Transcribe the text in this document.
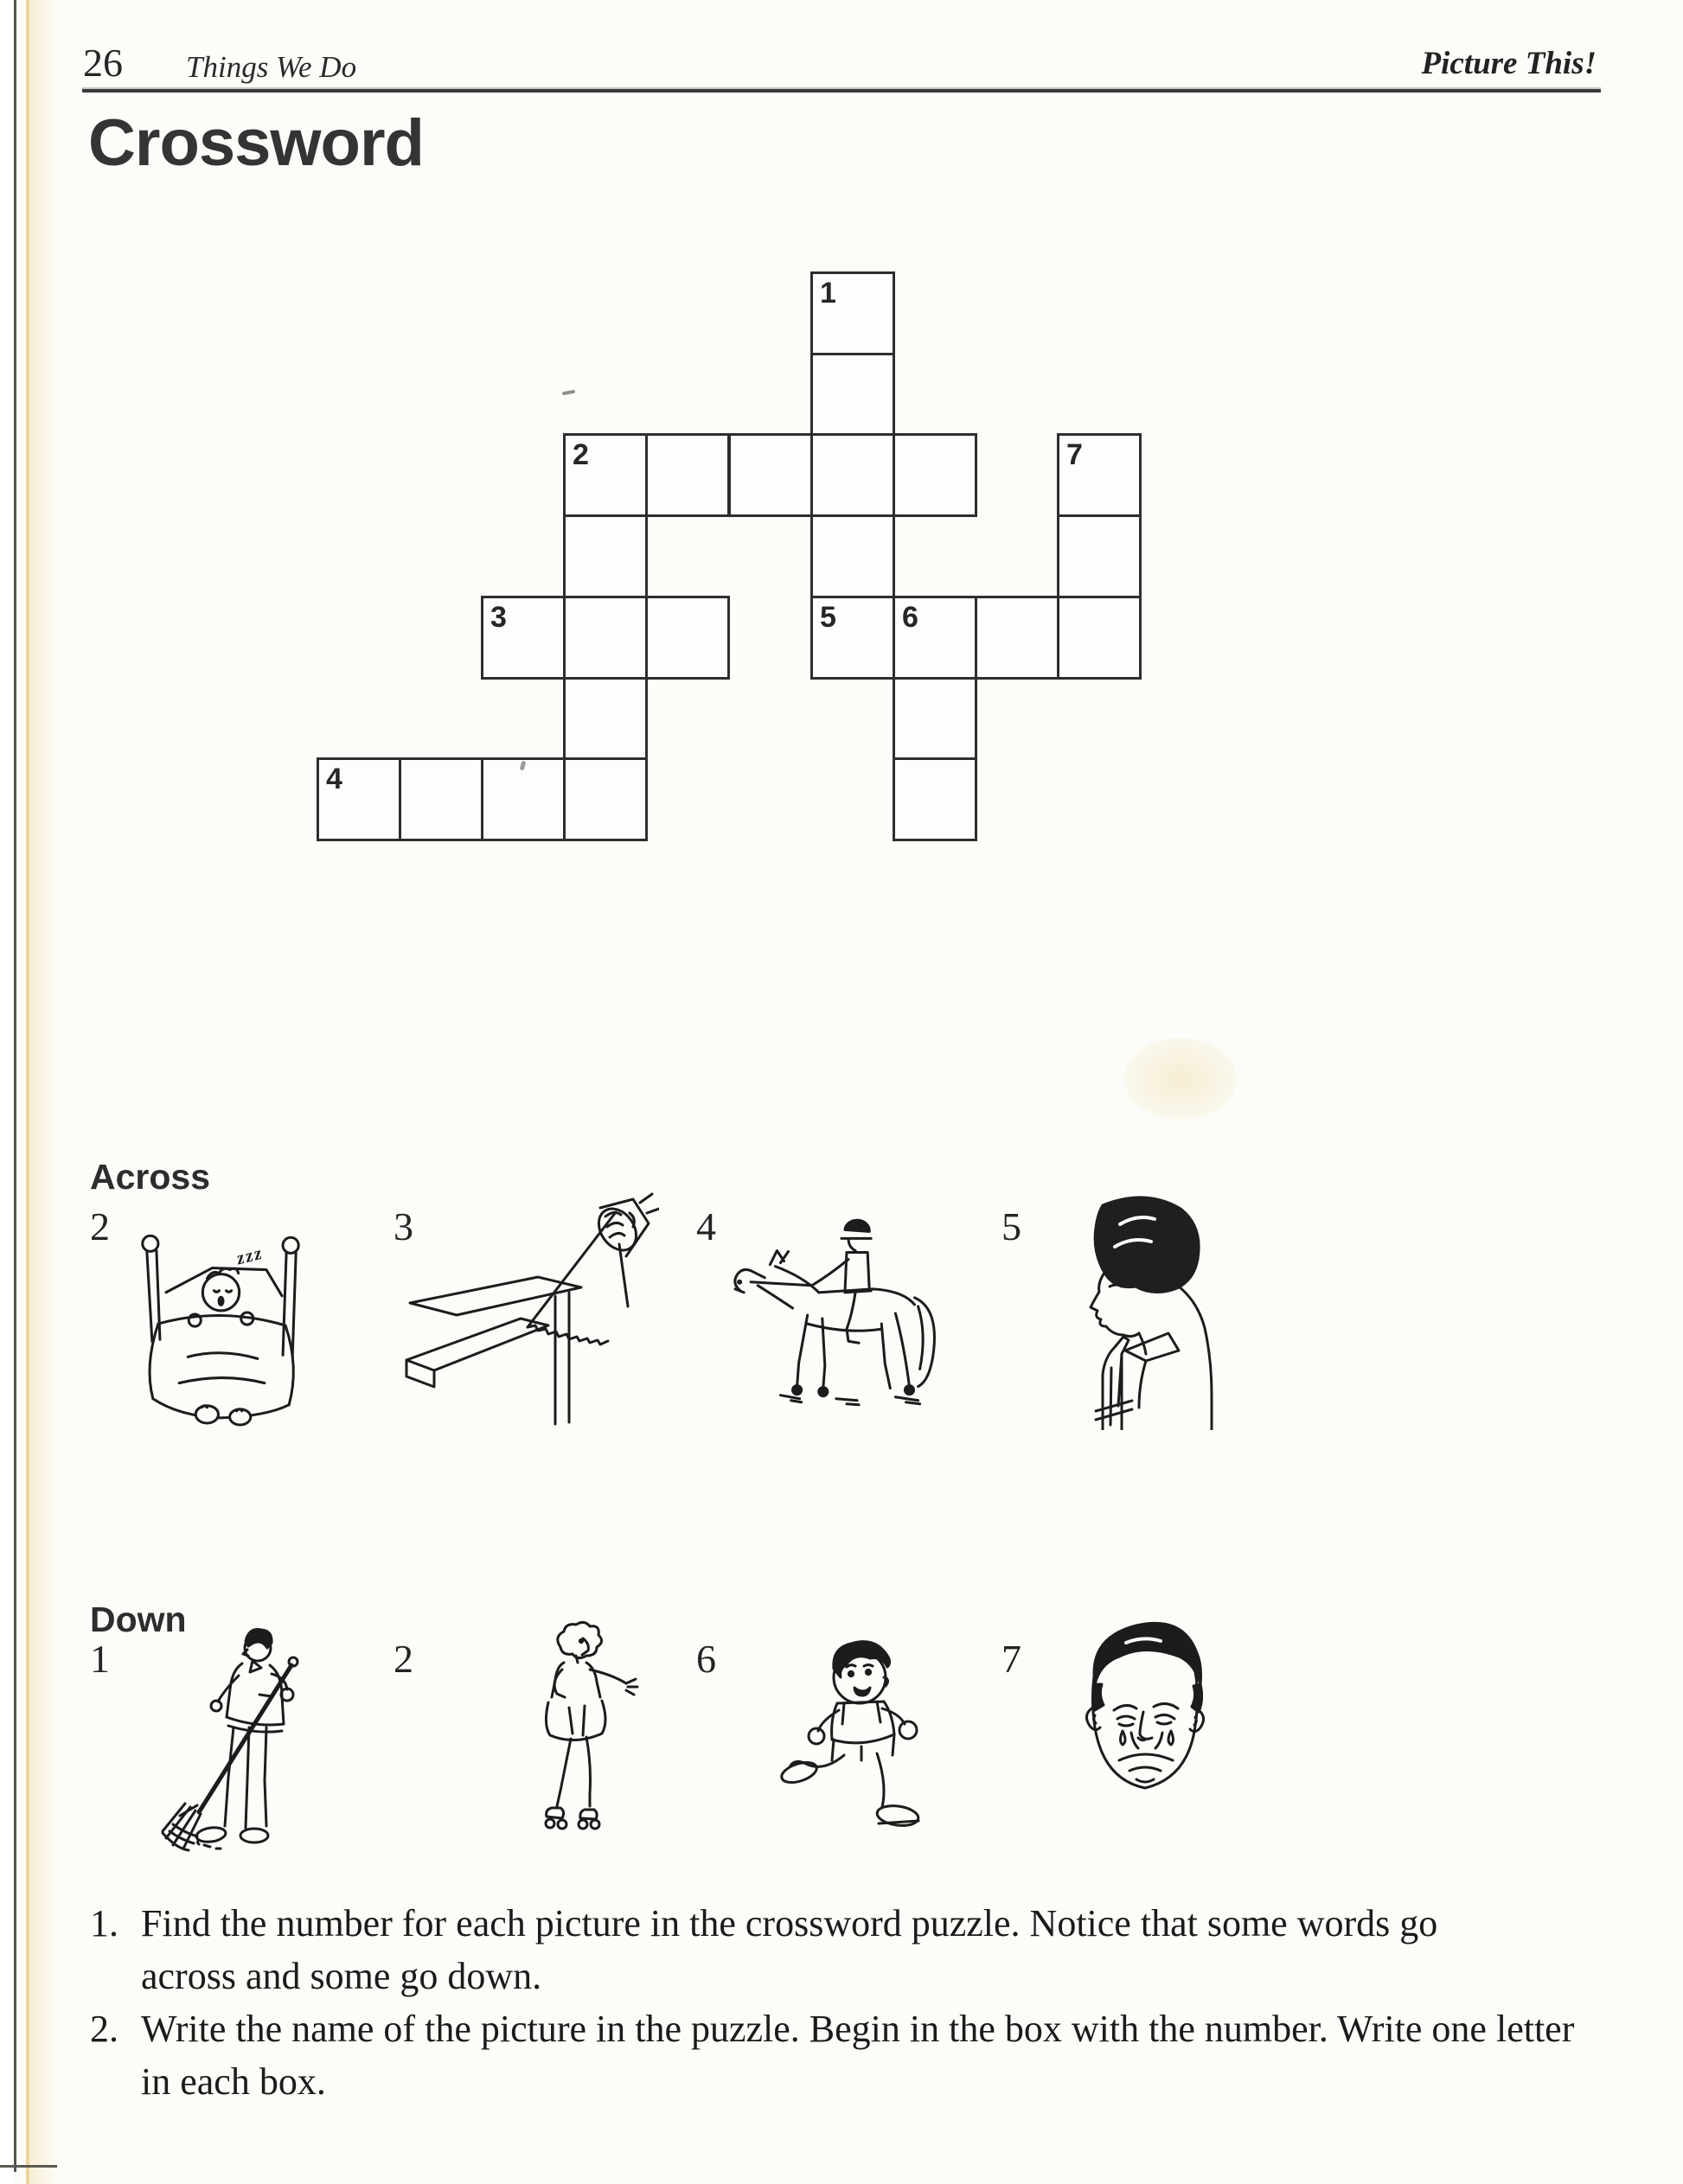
26 Things We Do	Picture This!
Crossword
1
2	7
3	5 6
4
Across
2
zzz
3	4	5
Down
1	2	6	7
1. Find the number for each picture in the crossword puzzle. Notice that some words go across and some go down.

2. Write the name of the picture in the puzzle. Begin in the box with the number. Write one letter in each box.
